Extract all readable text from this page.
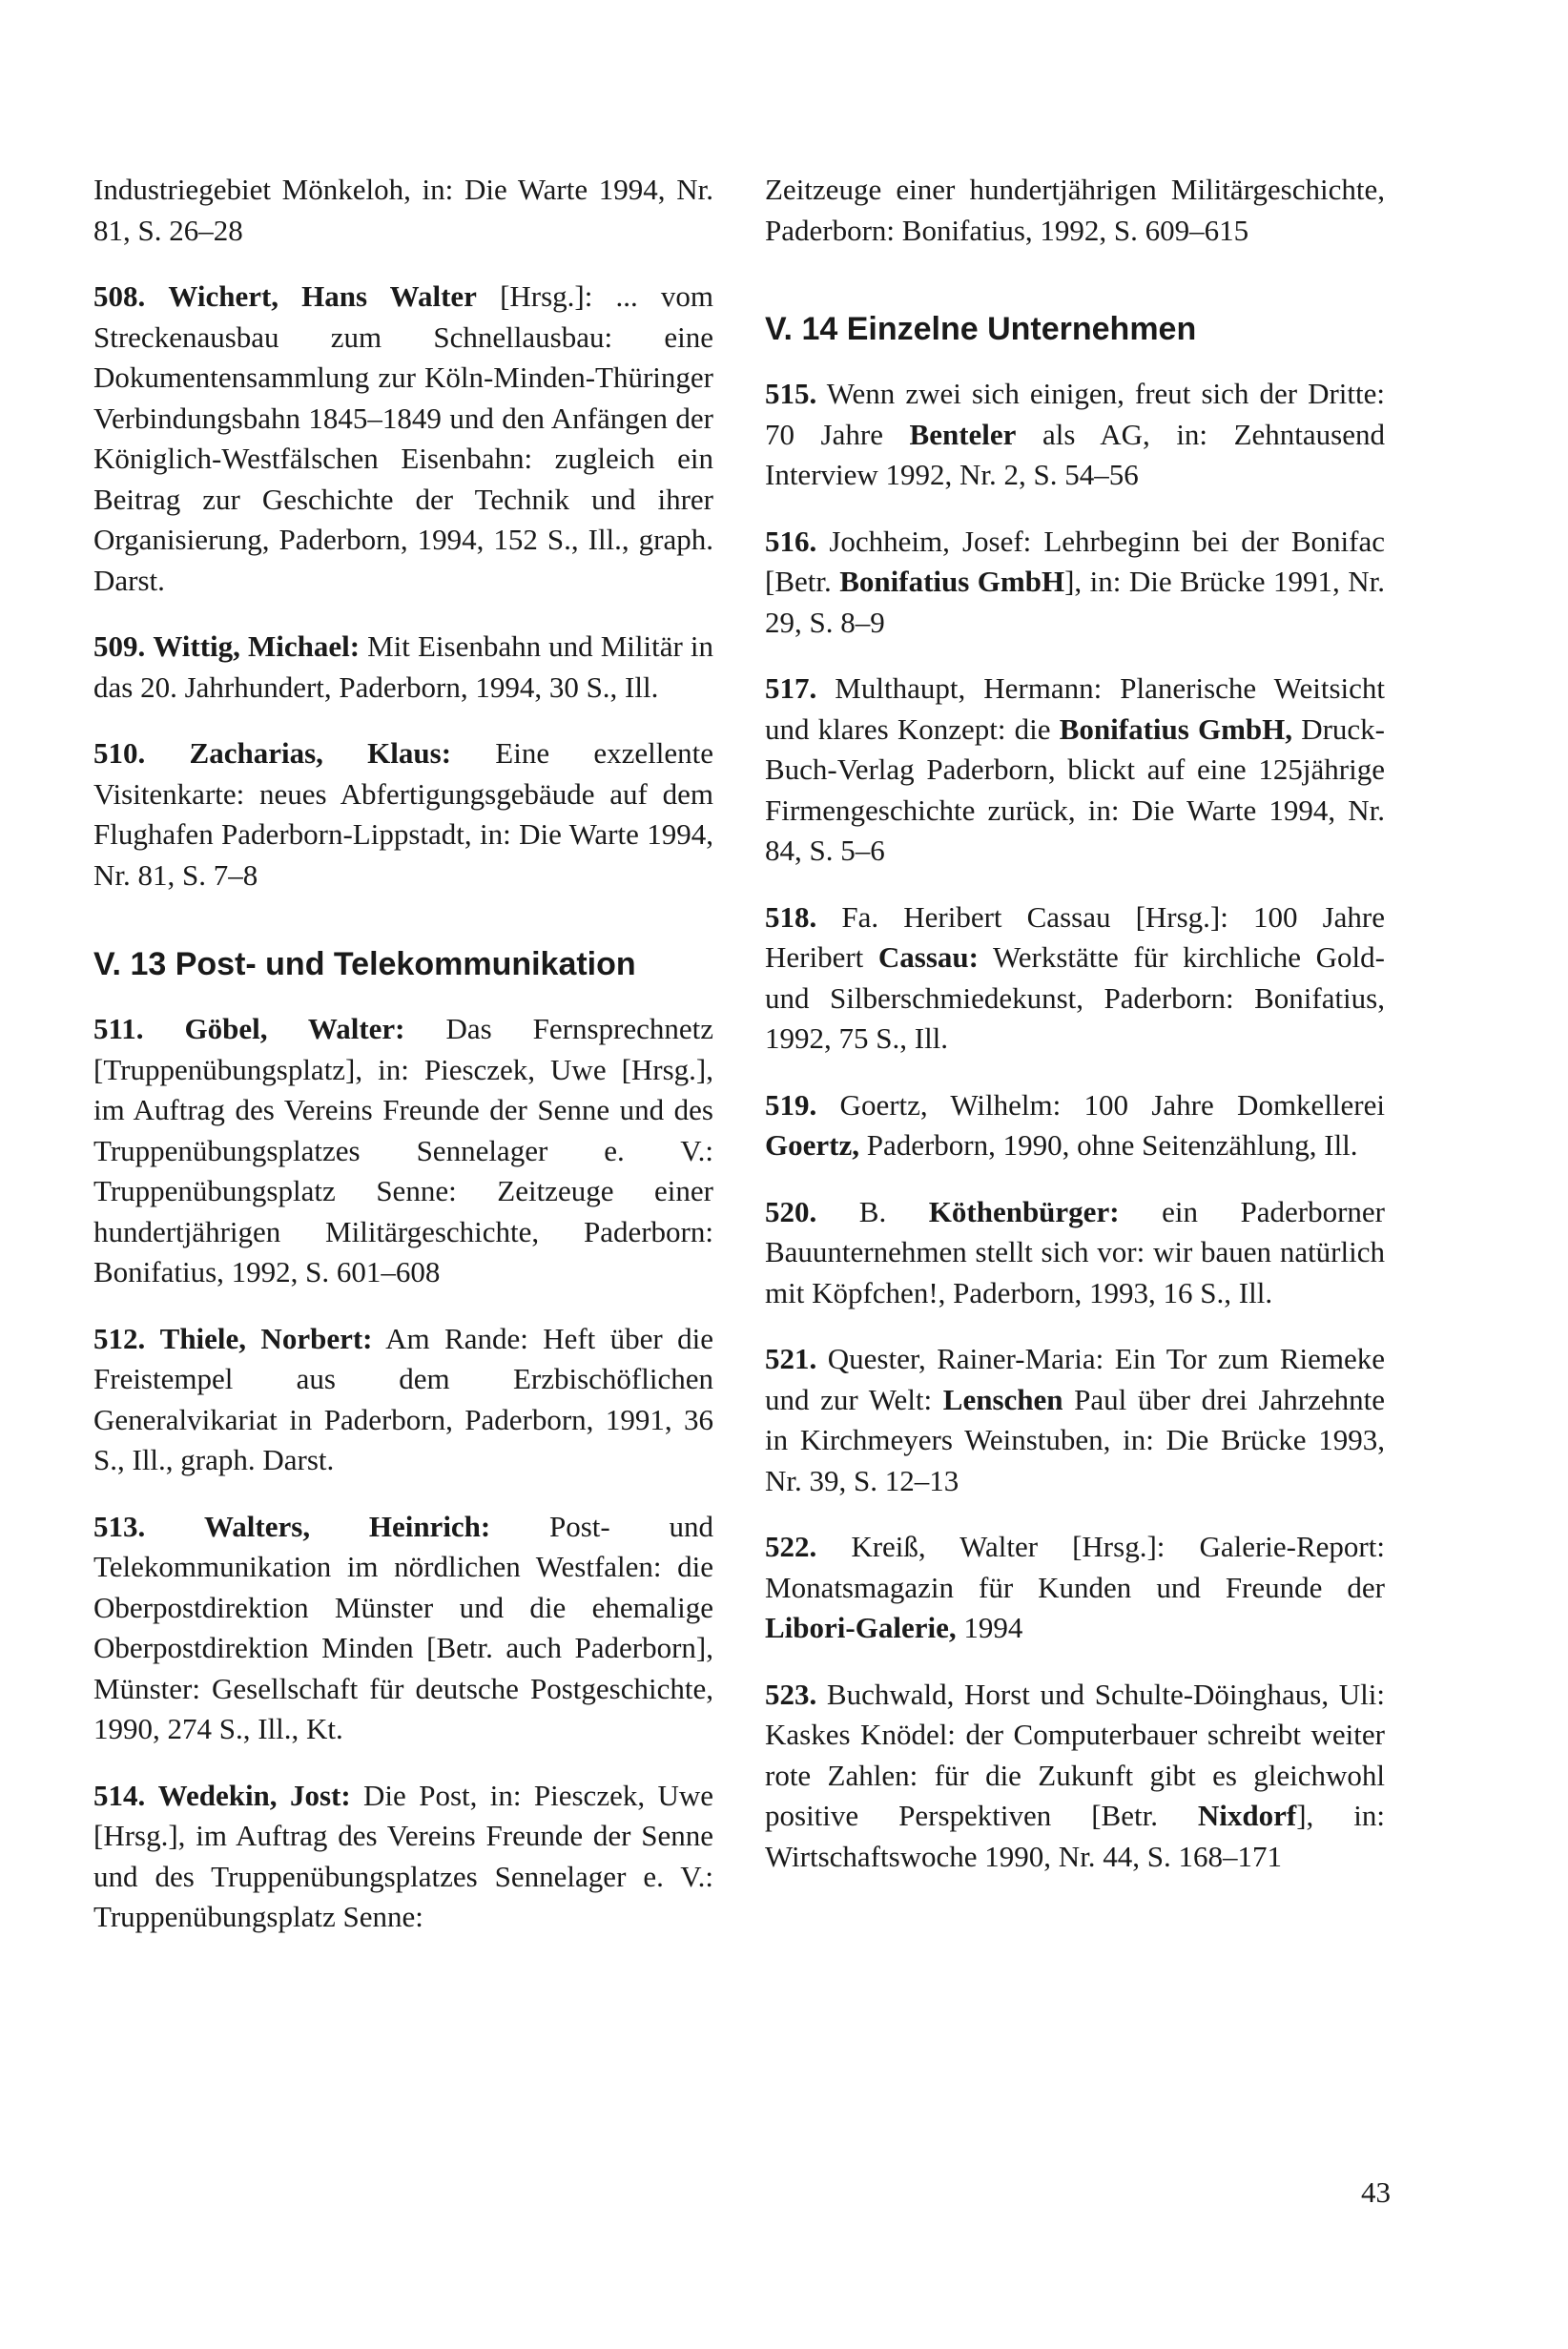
Industriegebiet Mönkeloh, in: Die Warte 1994, Nr. 81, S. 26–28

508. Wichert, Hans Walter [Hrsg.]: ... vom Streckenausbau zum Schnellausbau: eine Dokumentensammlung zur Köln-Minden-Thüringer Verbindungsbahn 1845–1849 und den Anfängen der Königlich-Westfälschen Eisenbahn: zugleich ein Beitrag zur Geschichte der Technik und ihrer Organisierung, Paderborn, 1994, 152 S., Ill., graph. Darst.

509. Wittig, Michael: Mit Eisenbahn und Militär in das 20. Jahrhundert, Paderborn, 1994, 30 S., Ill.

510. Zacharias, Klaus: Eine exzellente Visitenkarte: neues Abfertigungsgebäude auf dem Flughafen Paderborn-Lippstadt, in: Die Warte 1994, Nr. 81, S. 7–8

V. 13 Post- und Telekommunikation

511. Göbel, Walter: Das Fernsprechnetz [Truppenübungsplatz], in: Piesczek, Uwe [Hrsg.], im Auftrag des Vereins Freunde der Senne und des Truppenübungsplatzes Sennelager e. V.: Truppenübungsplatz Senne: Zeitzeuge einer hundertjährigen Militärgeschichte, Paderborn: Bonifatius, 1992, S. 601–608

512. Thiele, Norbert: Am Rande: Heft über die Freistempel aus dem Erzbischöflichen Generalvikariat in Paderborn, Paderborn, 1991, 36 S., Ill., graph. Darst.

513. Walters, Heinrich: Post- und Telekommunikation im nördlichen Westfalen: die Oberpostdirektion Münster und die ehemalige Oberpostdirektion Minden [Betr. auch Paderborn], Münster: Gesellschaft für deutsche Postgeschichte, 1990, 274 S., Ill., Kt.

514. Wedekin, Jost: Die Post, in: Piesczek, Uwe [Hrsg.], im Auftrag des Vereins Freunde der Senne und des Truppenübungsplatzes Sennelager e. V.: Truppenübungsplatz Senne:

Zeitzeuge einer hundertjährigen Militärgeschichte, Paderborn: Bonifatius, 1992, S. 609–615

V. 14 Einzelne Unternehmen

515. Wenn zwei sich einigen, freut sich der Dritte: 70 Jahre Benteler als AG, in: Zehntausend Interview 1992, Nr. 2, S. 54–56

516. Jochheim, Josef: Lehrbeginn bei der Bonifac [Betr. Bonifatius GmbH], in: Die Brücke 1991, Nr. 29, S. 8–9

517. Multhaupt, Hermann: Planerische Weitsicht und klares Konzept: die Bonifatius GmbH, Druck-Buch-Verlag Paderborn, blickt auf eine 125jährige Firmengeschichte zurück, in: Die Warte 1994, Nr. 84, S. 5–6

518. Fa. Heribert Cassau [Hrsg.]: 100 Jahre Heribert Cassau: Werkstätte für kirchliche Gold- und Silberschmiedekunst, Paderborn: Bonifatius, 1992, 75 S., Ill.

519. Goertz, Wilhelm: 100 Jahre Domkellerei Goertz, Paderborn, 1990, ohne Seitenzählung, Ill.

520. B. Köthenbürger: ein Paderborner Bauunternehmen stellt sich vor: wir bauen natürlich mit Köpfchen!, Paderborn, 1993, 16 S., Ill.

521. Quester, Rainer-Maria: Ein Tor zum Riemeke und zur Welt: Lenschen Paul über drei Jahrzehnte in Kirchmeyers Weinstuben, in: Die Brücke 1993, Nr. 39, S. 12–13

522. Kreiß, Walter [Hrsg.]: Galerie-Report: Monatsmagazin für Kunden und Freunde der Libori-Galerie, 1994

523. Buchwald, Horst und Schulte-Döinghaus, Uli: Kaskes Knödel: der Computerbauer schreibt weiter rote Zahlen: für die Zukunft gibt es gleichwohl positive Perspektiven [Betr. Nixdorf], in: Wirtschaftswoche 1990, Nr. 44, S. 168–171

43
